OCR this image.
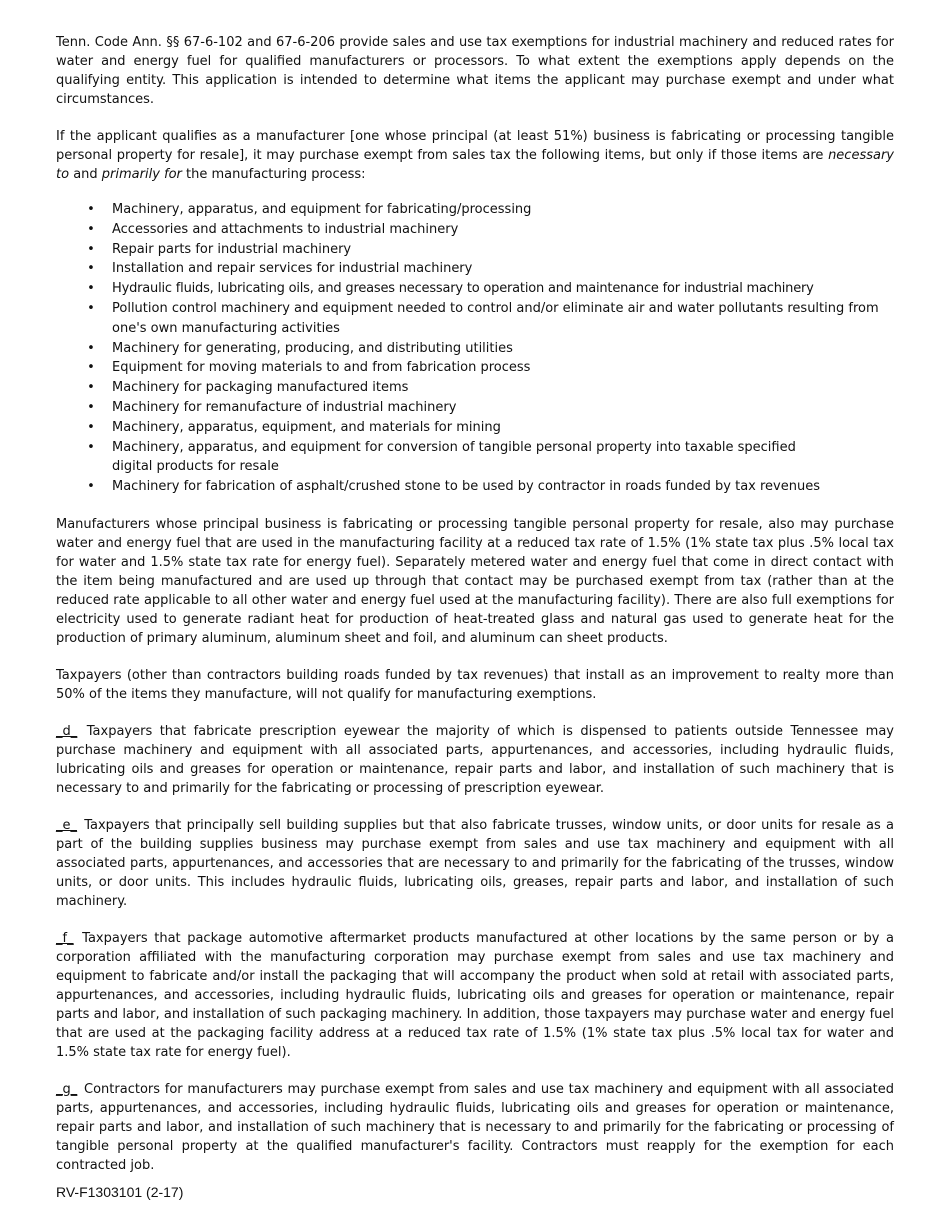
Tenn. Code Ann. §§ 67-6-102 and 67-6-206 provide sales and use tax exemptions for industrial machinery and reduced rates for water and energy fuel for qualified manufacturers or processors. To what extent the exemptions apply depends on the qualifying entity. This application is intended to determine what items the applicant may purchase exempt and under what circumstances.

If the applicant qualifies as a manufacturer [one whose principal (at least 51%) business is fabricating or processing tangible personal property for resale], it may purchase exempt from sales tax the following items, but only if those items are necessary to and primarily for the manufacturing process:

• Machinery, apparatus, and equipment for fabricating/processing
• Accessories and attachments to industrial machinery
• Repair parts for industrial machinery
• Installation and repair services for industrial machinery
• Hydraulic fluids, lubricating oils, and greases necessary to operation and maintenance for industrial machinery
• Pollution control machinery and equipment needed to control and/or eliminate air and water pollutants resulting from one's own manufacturing activities
• Machinery for generating, producing, and distributing utilities
• Equipment for moving materials to and from fabrication process
• Machinery for packaging manufactured items
• Machinery for remanufacture of industrial machinery
• Machinery, apparatus, equipment, and materials for mining
• Machinery, apparatus, and equipment for conversion of tangible personal property into taxable specified digital products for resale
• Machinery for fabrication of asphalt/crushed stone to be used by contractor in roads funded by tax revenues

Manufacturers whose principal business is fabricating or processing tangible personal property for resale, also may purchase water and energy fuel that are used in the manufacturing facility at a reduced tax rate of 1.5% (1% state tax plus .5% local tax for water and 1.5% state tax rate for energy fuel). Separately metered water and energy fuel that come in direct contact with the item being manufactured and are used up through that contact may be purchased exempt from tax (rather than at the reduced rate applicable to all other water and energy fuel used at the manufacturing facility). There are also full exemptions for electricity used to generate radiant heat for production of heat-treated glass and natural gas used to generate heat for the production of primary aluminum, aluminum sheet and foil, and aluminum can sheet products.

Taxpayers (other than contractors building roads funded by tax revenues) that install as an improvement to realty more than 50% of the items they manufacture, will not qualify for manufacturing exemptions.

_d_ Taxpayers that fabricate prescription eyewear the majority of which is dispensed to patients outside Tennessee may purchase machinery and equipment with all associated parts, appurtenances, and accessories, including hydraulic fluids, lubricating oils and greases for operation or maintenance, repair parts and labor, and installation of such machinery that is necessary to and primarily for the fabricating or processing of prescription eyewear.

_e_ Taxpayers that principally sell building supplies but that also fabricate trusses, window units, or door units for resale as a part of the building supplies business may purchase exempt from sales and use tax machinery and equipment with all associated parts, appurtenances, and accessories that are necessary to and primarily for the fabricating of the trusses, window units, or door units. This includes hydraulic fluids, lubricating oils, greases, repair parts and labor, and installation of such machinery.

_f_ Taxpayers that package automotive aftermarket products manufactured at other locations by the same person or by a corporation affiliated with the manufacturing corporation may purchase exempt from sales and use tax machinery and equipment to fabricate and/or install the packaging that will accompany the product when sold at retail with associated parts, appurtenances, and accessories, including hydraulic fluids, lubricating oils and greases for operation or maintenance, repair parts and labor, and installation of such packaging machinery. In addition, those taxpayers may purchase water and energy fuel that are used at the packaging facility address at a reduced tax rate of 1.5% (1% state tax plus .5% local tax for water and 1.5% state tax rate for energy fuel).

_g_ Contractors for manufacturers may purchase exempt from sales and use tax machinery and equipment with all associated parts, appurtenances, and accessories, including hydraulic fluids, lubricating oils and greases for operation or maintenance, repair parts and labor, and installation of such machinery that is necessary to and primarily for the fabricating or processing of tangible personal property at the qualified manufacturer's facility. Contractors must reapply for the exemption for each contracted job.

RV-F1303101 (2-17)
